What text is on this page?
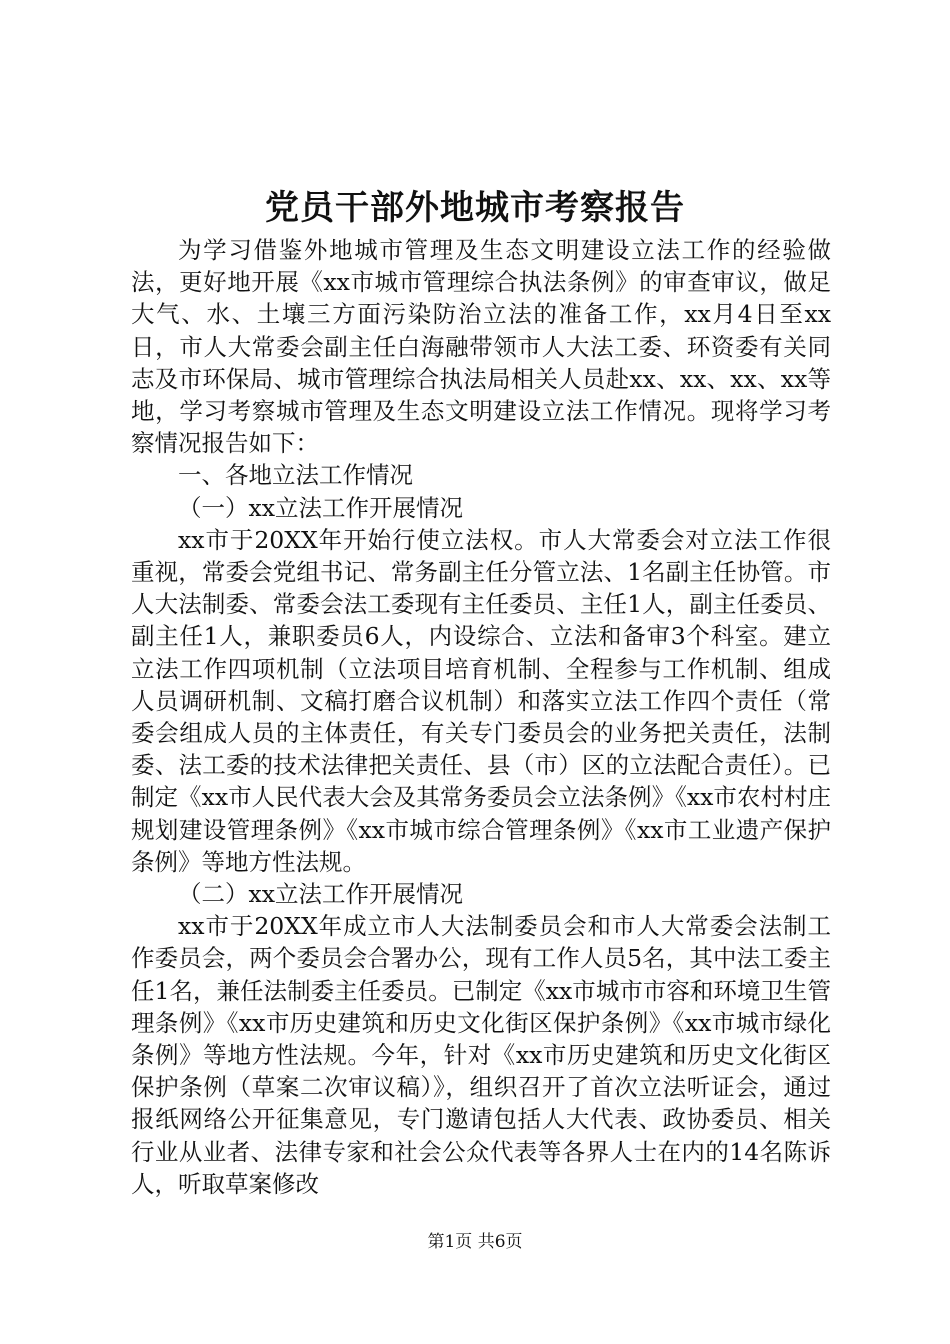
党员干部外地城市考察报告

为学习借鉴外地城市管理及生态文明建设立法工作的经验做法，更好地开展《xx市城市管理综合执法条例》的审查审议，做足大气、水、土壤三方面污染防治立法的准备工作，xx月4日至xx日，市人大常委会副主任白海融带领市人大法工委、环资委有关同志及市环保局、城市管理综合执法局相关人员赴xx、xx、xx、xx等地，学习考察城市管理及生态文明建设立法工作情况。现将学习考察情况报告如下：

一、各地立法工作情况

（一）xx立法工作开展情况

xx市于20XX年开始行使立法权。市人大常委会对立法工作很重视，常委会党组书记、常务副主任分管立法、1名副主任协管。市人大法制委、常委会法工委现有主任委员、主任1人，副主任委员、副主任1人，兼职委员6人，内设综合、立法和备审3个科室。建立立法工作四项机制（立法项目培育机制、全程参与工作机制、组成人员调研机制、文稿打磨合议机制）和落实立法工作四个责任（常委会组成人员的主体责任，有关专门委员会的业务把关责任，法制委、法工委的技术法律把关责任、县（市）区的立法配合责任）。已制定《xx市人民代表大会及其常务委员会立法条例》《xx市农村村庄规划建设管理条例》《xx市城市综合管理条例》《xx市工业遗产保护条例》等地方性法规。

（二）xx立法工作开展情况

xx市于20XX年成立市人大法制委员会和市人大常委会法制工作委员会，两个委员会合署办公，现有工作人员5名，其中法工委主任1名，兼任法制委主任委员。已制定《xx市城市市容和环境卫生管理条例》《xx市历史建筑和历史文化街区保护条例》《xx市城市绿化条例》等地方性法规。今年，针对《xx市历史建筑和历史文化街区保护条例（草案二次审议稿）》，组织召开了首次立法听证会，通过报纸网络公开征集意见，专门邀请包括人大代表、政协委员、相关行业从业者、法律专家和社会公众代表等各界人士在内的14名陈诉人，听取草案修改

第1页 共6页
